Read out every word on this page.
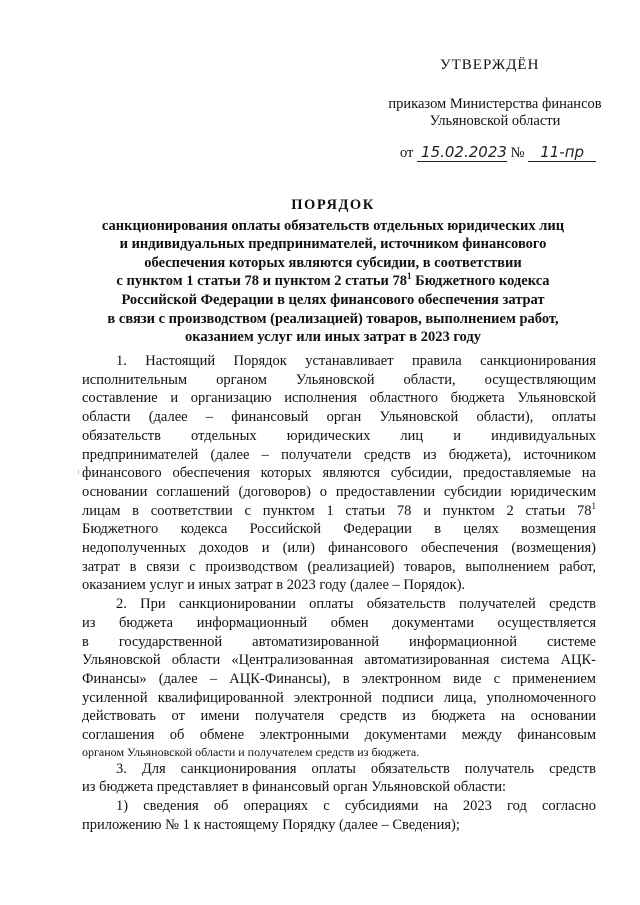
УТВЕРЖДЁН
приказом Министерства финансов
Ульяновской области
от 15.02.2023 № 11-пр
ПОРЯДОК
санкционирования оплаты обязательств отдельных юридических лиц
и индивидуальных предпринимателей, источником финансового
обеспечения которых являются субсидии, в соответствии
с пунктом 1 статьи 78 и пунктом 2 статьи $78^1$ Бюджетного кодекса
Российской Федерации в целях финансового обеспечения затрат
в связи с производством (реализацией) товаров, выполнением работ,
оказанием услуг или иных затрат в 2023 году
1. Настоящий Порядок устанавливает правила санкционирования
исполнительным органом Ульяновской области, осуществляющим
составление и организацию исполнения областного бюджета Ульяновской
области (далее – финансовый орган Ульяновской области), оплаты
обязательств отдельных юридических лиц и индивидуальных
предпринимателей (далее – получатели средств из бюджета), источником
финансового обеспечения которых являются субсидии, предоставляемые на
основании соглашений (договоров) о предоставлении субсидии юридическим
лицам в соответствии с пунктом 1 статьи 78 и пунктом 2 статьи $78^1$
Бюджетного кодекса Российской Федерации в целях возмещения
недополученных доходов и (или) финансового обеспечения (возмещения)
затрат в связи с производством (реализацией) товаров, выполнением работ,
оказанием услуг и иных затрат в 2023 году (далее – Порядок).
2. При санкционировании оплаты обязательств получателей средств
из бюджета информационный обмен документами осуществляется
в государственной автоматизированной информационной системе
Ульяновской области «Централизованная автоматизированная система АЦК-
Финансы» (далее – АЦК-Финансы), в электронном виде с применением
усиленной квалифицированной электронной подписи лица, уполномоченного
действовать от имени получателя средств из бюджета на основании
соглашения об обмене электронными документами между финансовым
органом Ульяновской области и получателем средств из бюджета.
3. Для санкционирования оплаты обязательств получатель средств
из бюджета представляет в финансовый орган Ульяновской области:
1) сведения об операциях с субсидиями на 2023 год согласно
приложению № 1 к настоящему Порядку (далее – Сведения);
